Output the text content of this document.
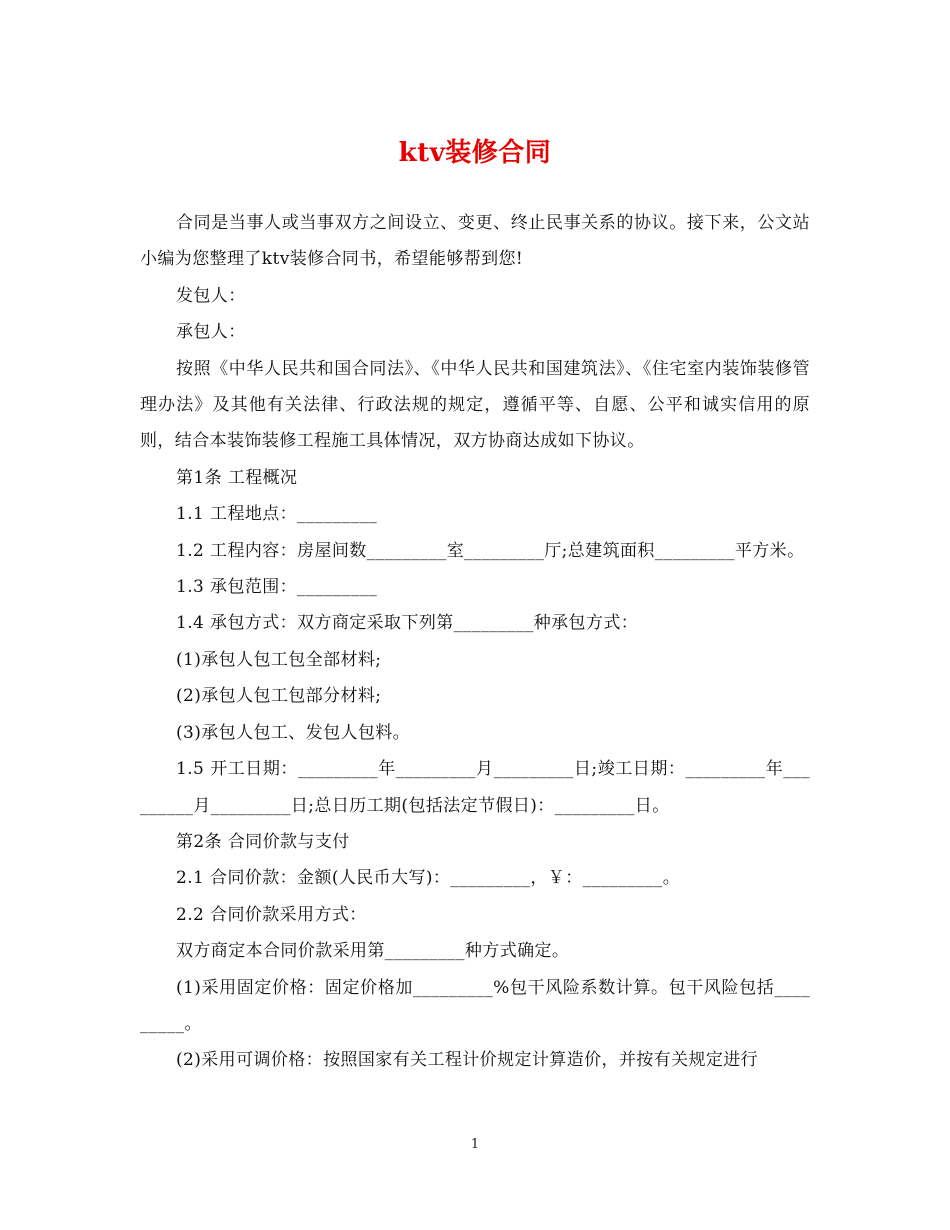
ktv装修合同

合同是当事人或当事双方之间设立、变更、终止民事关系的协议。接下来，公文站小编为您整理了ktv装修合同书，希望能够帮到您!

发包人：

承包人：

按照《中华人民共和国合同法》、《中华人民共和国建筑法》、《住宅室内装饰装修管理办法》及其他有关法律、行政法规的规定，遵循平等、自愿、公平和诚实信用的原则，结合本装饰装修工程施工具体情况，双方协商达成如下协议。

第1条 工程概况

1.1 工程地点：_________

1.2 工程内容：房屋间数_________室_________厅;总建筑面积_________平方米。

1.3 承包范围：_________

1.4 承包方式：双方商定采取下列第_________种承包方式：

(1)承包人包工包全部材料;

(2)承包人包工包部分材料;

(3)承包人包工、发包人包料。

1.5 开工日期：_________年_________月_________日;竣工日期：_________年_________月_________日;总日历工期(包括法定节假日)：_________日。

第2条 合同价款与支付

2.1 合同价款：金额(人民币大写)：_________，￥：_________。

2.2 合同价款采用方式：

双方商定本合同价款采用第_________种方式确定。

(1)采用固定价格：固定价格加_________%包干风险系数计算。包干风险包括_________。

(2)采用可调价格：按照国家有关工程计价规定计算造价，并按有关规定进行

1
